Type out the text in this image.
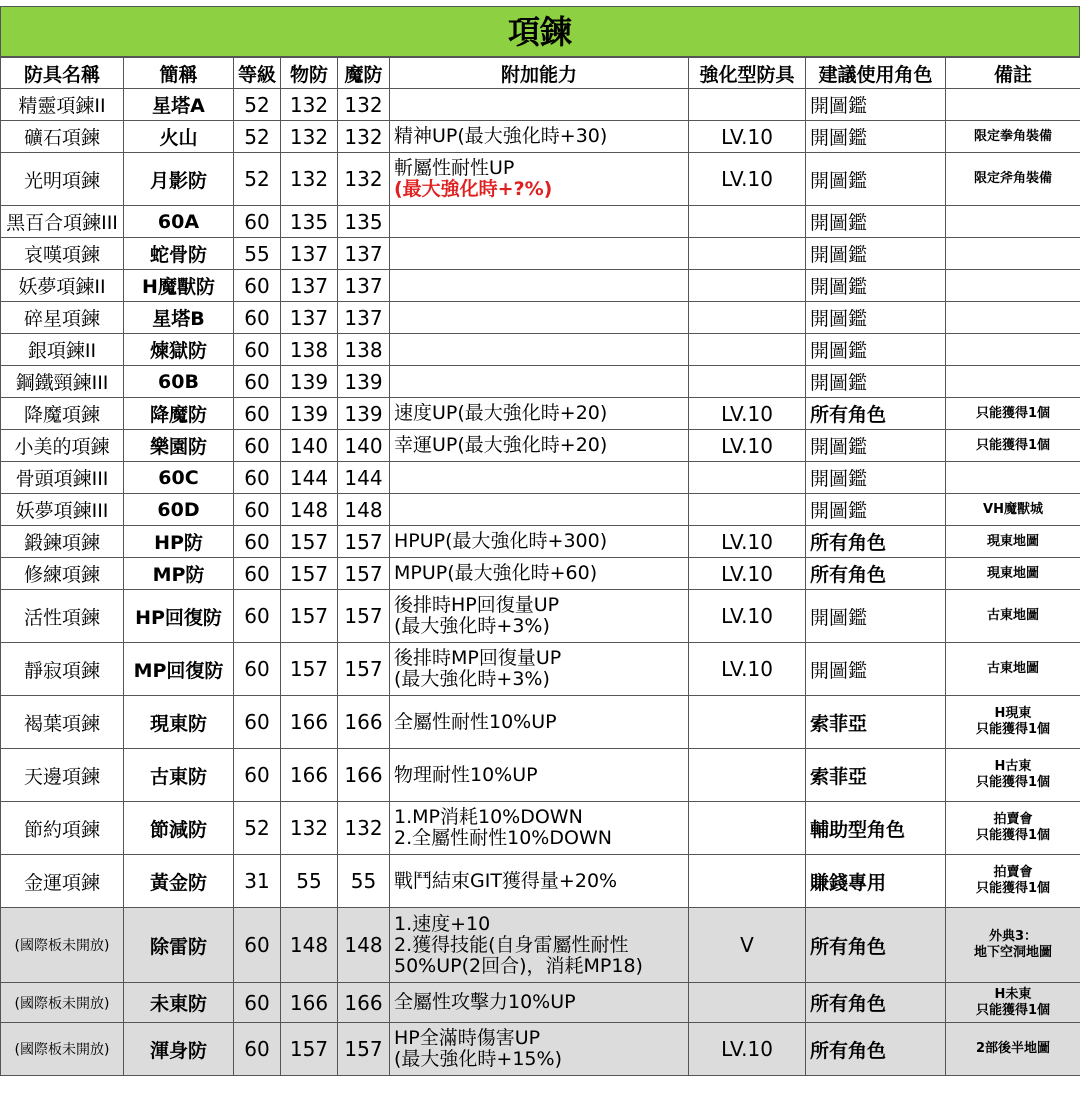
項鍊
防具名稱	簡稱	等級	物防	魔防	附加能力	強化型防具	建議使用角色	備註
精靈項鍊II	星塔A	52	132	132			開圖鑑	
礦石項鍊	火山	52	132	132	精神UP(最大強化時+30)	LV.10	開圖鑑	限定拳角裝備

光明項鍊	月影防	52	132	132	斬屬性耐性UP
(最大強化時+?%)	LV.10	開圖鑑	限定斧角裝備

黑百合項鍊III	60A	60	135	135			開圖鑑	
哀嘆項鍊	蛇骨防	55	137	137			開圖鑑	
妖夢項鍊II	H魔獸防	60	137	137			開圖鑑	
碎星項鍊	星塔B	60	137	137			開圖鑑	
銀項鍊II	煉獄防	60	138	138			開圖鑑	
鋼鐵頸鍊III	60B	60	139	139			開圖鑑	
降魔項鍊	降魔防	60	139	139	速度UP(最大強化時+20)	LV.10	所有角色	只能獲得1個

小美的項鍊	樂園防	60	140	140	幸運UP(最大強化時+20)	LV.10	開圖鑑	只能獲得1個

骨頭項鍊III	60C	60	144	144			開圖鑑	
妖夢項鍊III	60D	60	148	148			開圖鑑	VH魔獸城

鍛鍊項鍊	HP防	60	157	157	HPUP(最大強化時+300)	LV.10	所有角色	現東地圖

修練項鍊	MP防	60	157	157	MPUP(最大強化時+60)	LV.10	所有角色	現東地圖

活性項鍊	HP回復防	60	157	157	後排時HP回復量UP
(最大強化時+3%)	LV.10	開圖鑑	古東地圖

靜寂項鍊	MP回復防	60	157	157	後排時MP回復量UP
(最大強化時+3%)	LV.10	開圖鑑	古東地圖

褐葉項鍊	現東防	60	166	166	全屬性耐性10%UP		索菲亞	H現東
只能獲得1個

天邊項鍊	古東防	60	166	166	物理耐性10%UP		索菲亞	H古東
只能獲得1個

節約項鍊	節減防	52	132	132	1.MP消耗10%DOWN
2.全屬性耐性10%DOWN		輔助型角色	拍賣會
只能獲得1個

金運項鍊	黃金防	31	55	55	戰鬥結束GIT獲得量+20%		賺錢專用	拍賣會
只能獲得1個

(國際板未開放)	除雷防	60	148	148	1.速度+10
2.獲得技能(自身雷屬性耐性
50%UP(2回合)，消耗MP18)	V	所有角色	外典3：
地下空洞地圖

(國際板未開放)	未東防	60	166	166	全屬性攻擊力10%UP		所有角色	H未東
只能獲得1個

(國際板未開放)	渾身防	60	157	157	HP全滿時傷害UP
(最大強化時+15%)	LV.10	所有角色	2部後半地圖
